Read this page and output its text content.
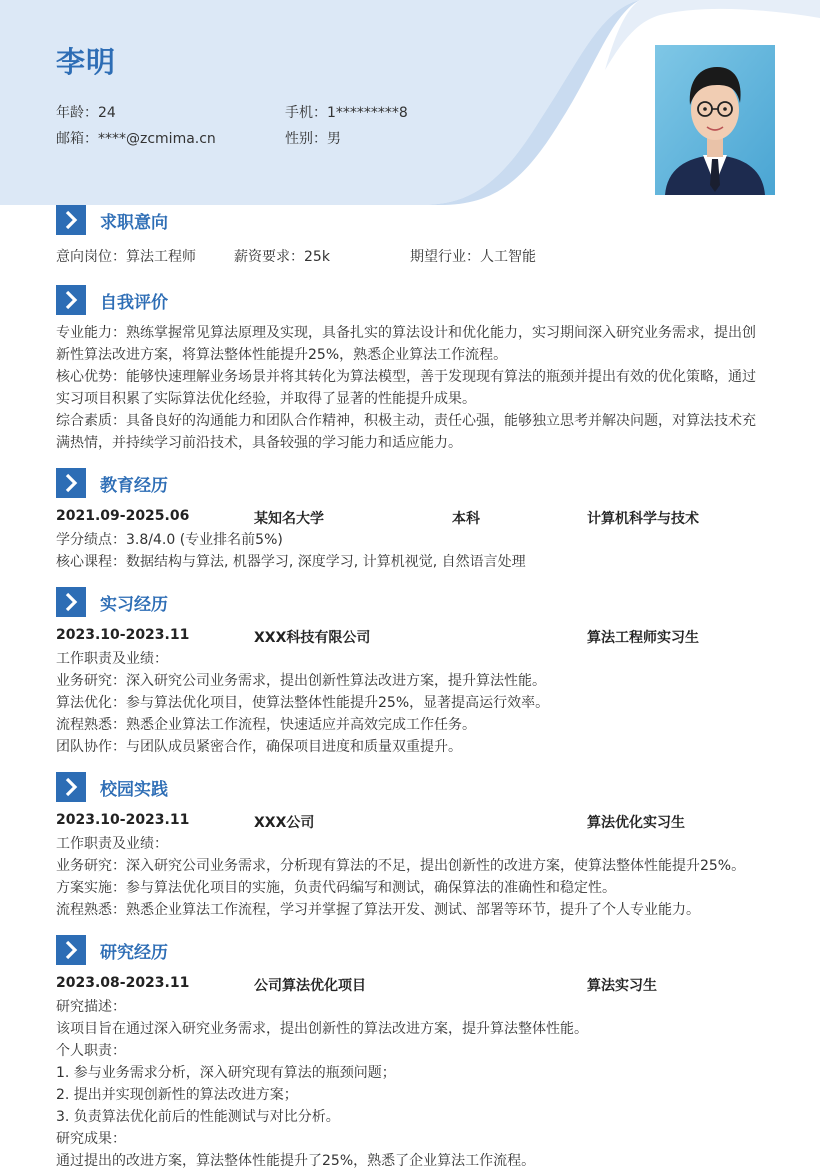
李明
年龄：24	手机：1*********8
邮箱：****@zcmima.cn	性别：男
求职意向
意向岗位：算法工程师	薪资要求：25k	期望行业：人工智能
自我评价
专业能力：熟练掌握常见算法原理及实现，具备扎实的算法设计和优化能力，实习期间深入研究业务需求，提出创新性算法改进方案，将算法整体性能提升25%，熟悉企业算法工作流程。
核心优势：能够快速理解业务场景并将其转化为算法模型，善于发现现有算法的瓶颈并提出有效的优化策略，通过实习项目积累了实际算法优化经验，并取得了显著的性能提升成果。
综合素质：具备良好的沟通能力和团队合作精神，积极主动，责任心强，能够独立思考并解决问题，对算法技术充满热情，并持续学习前沿技术，具备较强的学习能力和适应能力。
教育经历
2021.09-2025.06	某知名大学	本科	计算机科学与技术
学分绩点：3.8/4.0 (专业排名前5%)
核心课程：数据结构与算法, 机器学习, 深度学习, 计算机视觉, 自然语言处理
实习经历
2023.10-2023.11	XXX科技有限公司	算法工程师实习生
工作职责及业绩：
业务研究：深入研究公司业务需求，提出创新性算法改进方案，提升算法性能。
算法优化：参与算法优化项目，使算法整体性能提升25%，显著提高运行效率。
流程熟悉：熟悉企业算法工作流程，快速适应并高效完成工作任务。
团队协作：与团队成员紧密合作，确保项目进度和质量双重提升。
校园实践
2023.10-2023.11	XXX公司	算法优化实习生
工作职责及业绩：
业务研究：深入研究公司业务需求，分析现有算法的不足，提出创新性的改进方案，使算法整体性能提升25%。
方案实施：参与算法优化项目的实施，负责代码编写和测试，确保算法的准确性和稳定性。
流程熟悉：熟悉企业算法工作流程，学习并掌握了算法开发、测试、部署等环节，提升了个人专业能力。
研究经历
2023.08-2023.11	公司算法优化项目	算法实习生
研究描述：
该项目旨在通过深入研究业务需求，提出创新性的算法改进方案，提升算法整体性能。
个人职责：
1. 参与业务需求分析，深入研究现有算法的瓶颈问题；
2. 提出并实现创新性的算法改进方案；
3. 负责算法优化前后的性能测试与对比分析。
研究成果：
通过提出的改进方案，算法整体性能提升了25%，熟悉了企业算法工作流程。
